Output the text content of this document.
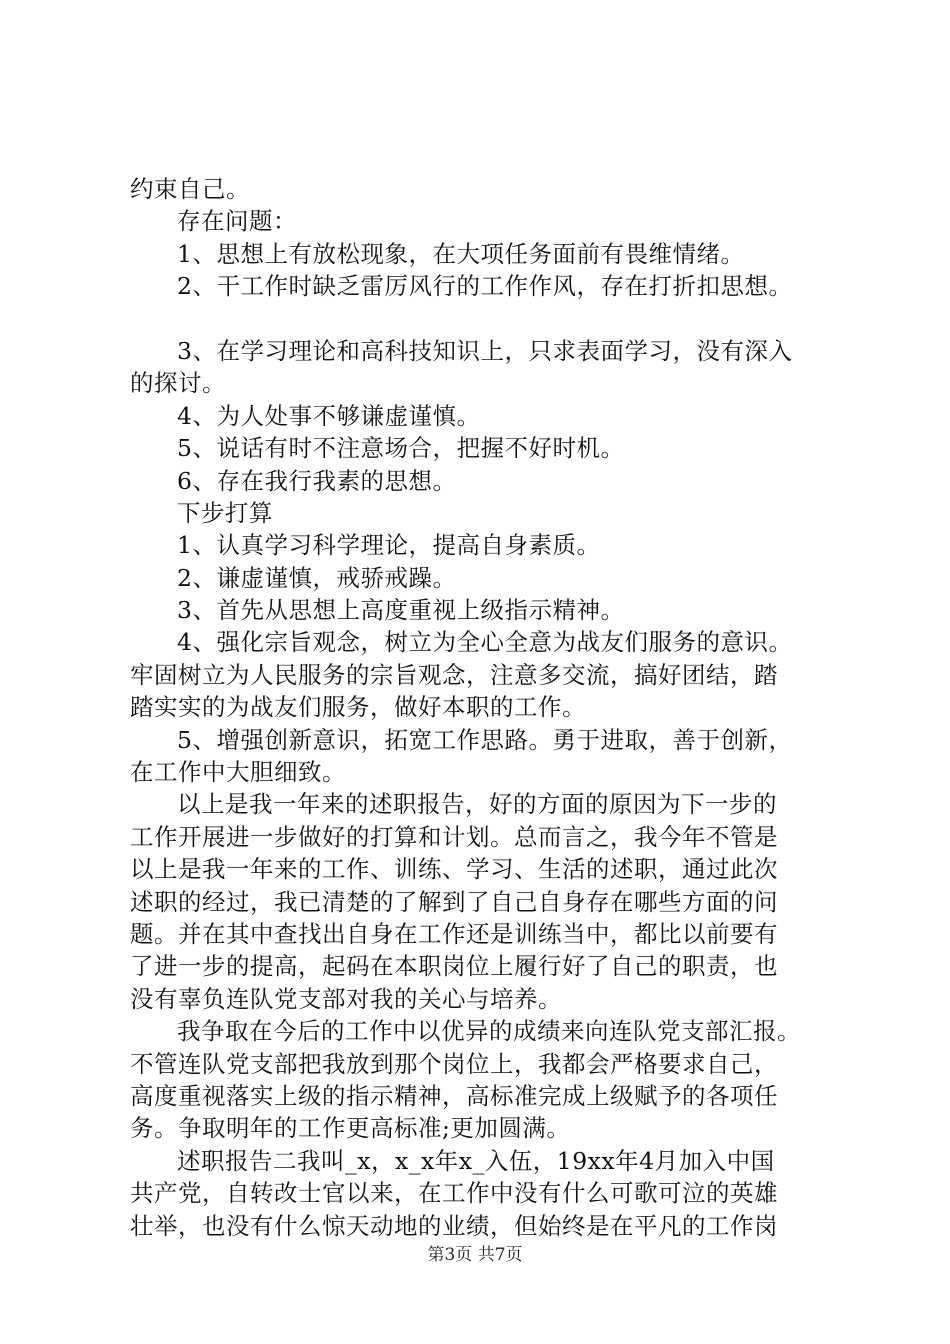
约束自己。
存在问题：
1、思想上有放松现象，在大项任务面前有畏维情绪。
2、干工作时缺乏雷厉风行的工作作风，存在打折扣思想。
3、在学习理论和高科技知识上，只求表面学习，没有深入
的探讨。
4、为人处事不够谦虚谨慎。
5、说话有时不注意场合，把握不好时机。
6、存在我行我素的思想。
下步打算
1、认真学习科学理论，提高自身素质。
2、谦虚谨慎，戒骄戒躁。
3、首先从思想上高度重视上级指示精神。
4、强化宗旨观念，树立为全心全意为战友们服务的意识。
牢固树立为人民服务的宗旨观念，注意多交流，搞好团结，踏
踏实实的为战友们服务，做好本职的工作。
5、增强创新意识，拓宽工作思路。勇于进取，善于创新，
在工作中大胆细致。
以上是我一年来的述职报告，好的方面的原因为下一步的
工作开展进一步做好的打算和计划。总而言之，我今年不管是
以上是我一年来的工作、训练、学习、生活的述职，通过此次
述职的经过，我已清楚的了解到了自己自身存在哪些方面的问
题。并在其中查找出自身在工作还是训练当中，都比以前要有
了进一步的提高，起码在本职岗位上履行好了自己的职责，也
没有辜负连队党支部对我的关心与培养。
我争取在今后的工作中以优异的成绩来向连队党支部汇报。
不管连队党支部把我放到那个岗位上，我都会严格要求自己，
高度重视落实上级的指示精神，高标准完成上级赋予的各项任
务。争取明年的工作更高标准;更加圆满。
述职报告二我叫_x，x_x年x_入伍，19xx年4月加入中国
共产党，自转改士官以来，在工作中没有什么可歌可泣的英雄
壮举，也没有什么惊天动地的业绩，但始终是在平凡的工作岗
第3页 共7页
